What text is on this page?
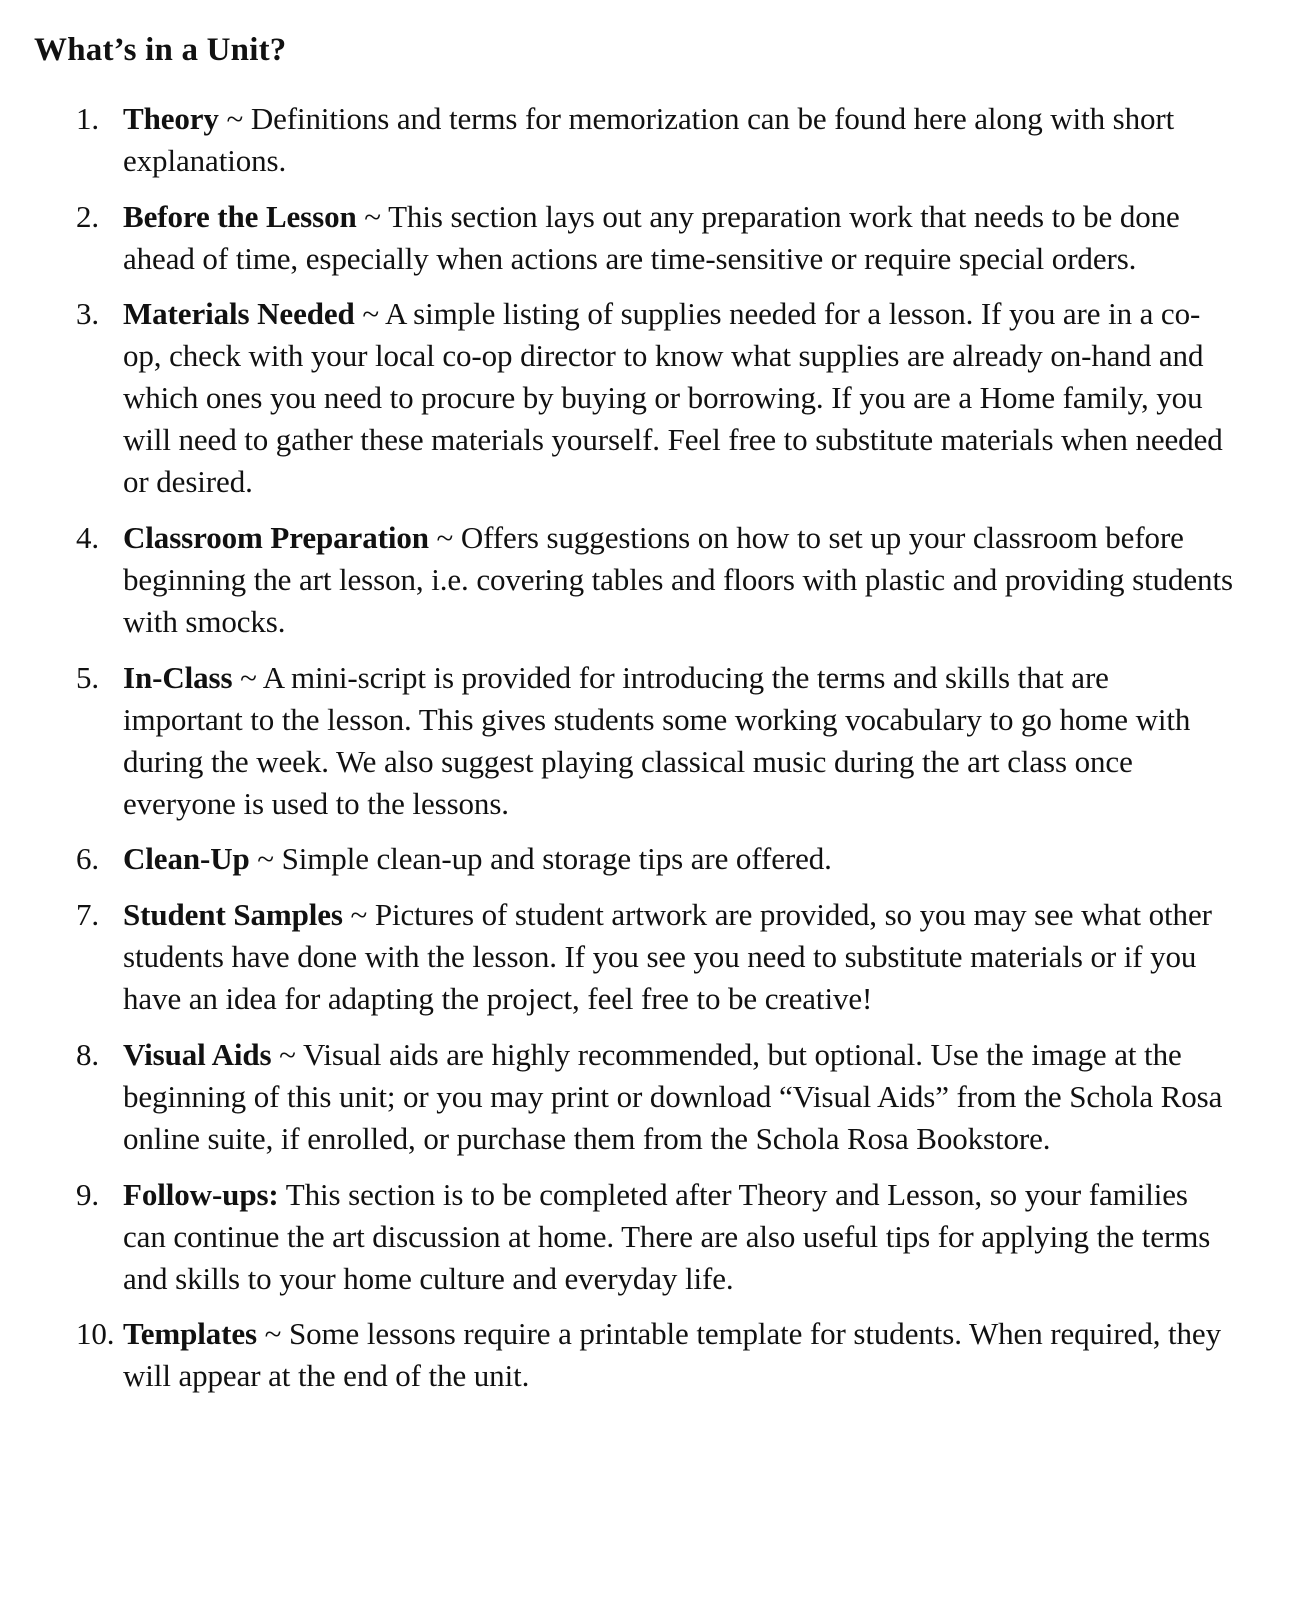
What’s in a Unit?
1. Theory ~ Definitions and terms for memorization can be found here along with short explanations.
2. Before the Lesson ~ This section lays out any preparation work that needs to be done ahead of time, especially when actions are time-sensitive or require special orders.
3. Materials Needed ~ A simple listing of supplies needed for a lesson. If you are in a co-op, check with your local co-op director to know what supplies are already on-hand and which ones you need to procure by buying or borrowing. If you are a Home family, you will need to gather these materials yourself. Feel free to substitute materials when needed or desired.
4. Classroom Preparation ~ Offers suggestions on how to set up your classroom before beginning the art lesson, i.e. covering tables and floors with plastic and providing students with smocks.
5. In-Class ~ A mini-script is provided for introducing the terms and skills that are important to the lesson. This gives students some working vocabulary to go home with during the week. We also suggest playing classical music during the art class once everyone is used to the lessons.
6. Clean-Up ~ Simple clean-up and storage tips are offered.
7. Student Samples ~ Pictures of student artwork are provided, so you may see what other students have done with the lesson. If you see you need to substitute materials or if you have an idea for adapting the project, feel free to be creative!
8. Visual Aids ~ Visual aids are highly recommended, but optional. Use the image at the beginning of this unit; or you may print or download “Visual Aids” from the Schola Rosa online suite, if enrolled, or purchase them from the Schola Rosa Bookstore.
9. Follow-ups: This section is to be completed after Theory and Lesson, so your families can continue the art discussion at home. There are also useful tips for applying the terms and skills to your home culture and everyday life.
10. Templates ~ Some lessons require a printable template for students. When required, they will appear at the end of the unit.
